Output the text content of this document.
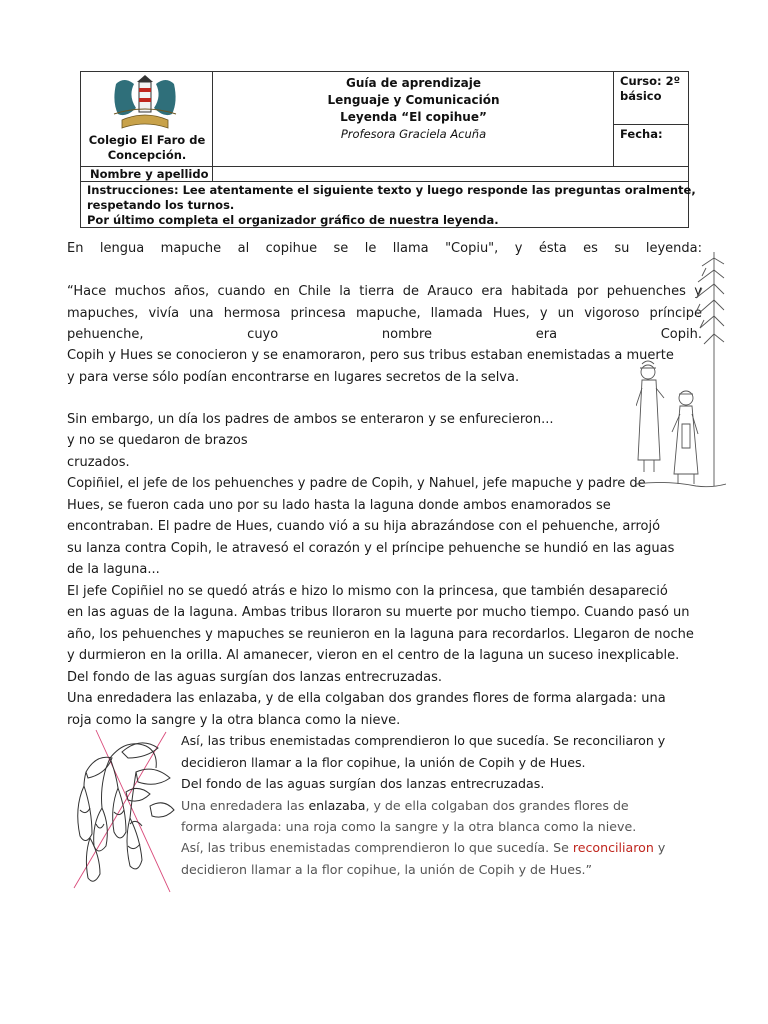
Colegio El Faro de
Concepción.
Guía de aprendizaje
Lenguaje y Comunicación
Leyenda “El copihue”
Profesora Graciela Acuña
Curso: 2º
básico
Fecha:
Nombre y apellido
Instrucciones: Lee atentamente el siguiente texto y luego responde las preguntas oralmente,
respetando los turnos.
Por último completa el organizador gráfico de nuestra leyenda.
En lengua mapuche al copihue se le llama "Copiu", y ésta es su leyenda:
“Hace muchos años, cuando en Chile la tierra de Arauco era habitada por pehuenches y
mapuches, vivía una hermosa princesa mapuche, llamada Hues, y un vigoroso príncipe
pehuenche, cuyo nombre era Copih.
Copih y Hues se conocieron y se enamoraron, pero sus tribus estaban enemistadas a muerte
y para verse sólo podían encontrarse en lugares secretos de la selva.
Sin embargo, un día los padres de ambos se enteraron y se enfurecieron...
y no se quedaron de brazos
cruzados.
Copiñiel, el jefe de los pehuenches y padre de Copih, y Nahuel, jefe mapuche y padre de
Hues, se fueron cada uno por su lado hasta la laguna donde ambos enamorados se
encontraban. El padre de Hues, cuando vió a su hija abrazándose con el pehuenche, arrojó
su lanza contra Copih, le atravesó el corazón y el príncipe pehuenche se hundió en las aguas
de la laguna...
El jefe Copiñiel no se quedó atrás e hizo lo mismo con la princesa, que también desapareció
en las aguas de la laguna. Ambas tribus lloraron su muerte por mucho tiempo. Cuando pasó un
año, los pehuenches y mapuches se reunieron en la laguna para recordarlos. Llegaron de noche
y durmieron en la orilla. Al amanecer, vieron en el centro de la laguna un suceso inexplicable.
Del fondo de las aguas surgían dos lanzas entrecruzadas.
Una enredadera las enlazaba, y de ella colgaban dos grandes flores de forma alargada: una
roja como la sangre y la otra blanca como la nieve.
Así, las tribus enemistadas comprendieron lo que sucedía. Se reconciliaron y
decidieron llamar a la flor copihue, la unión de Copih y de Hues.
Del fondo de las aguas surgían dos lanzas entrecruzadas.
Una enredadera las enlazaba, y de ella colgaban dos grandes flores de
forma alargada: una roja como la sangre y la otra blanca como la nieve.
Así, las tribus enemistadas comprendieron lo que sucedía. Se reconciliaron y
decidieron llamar a la flor copihue, la unión de Copih y de Hues.”
